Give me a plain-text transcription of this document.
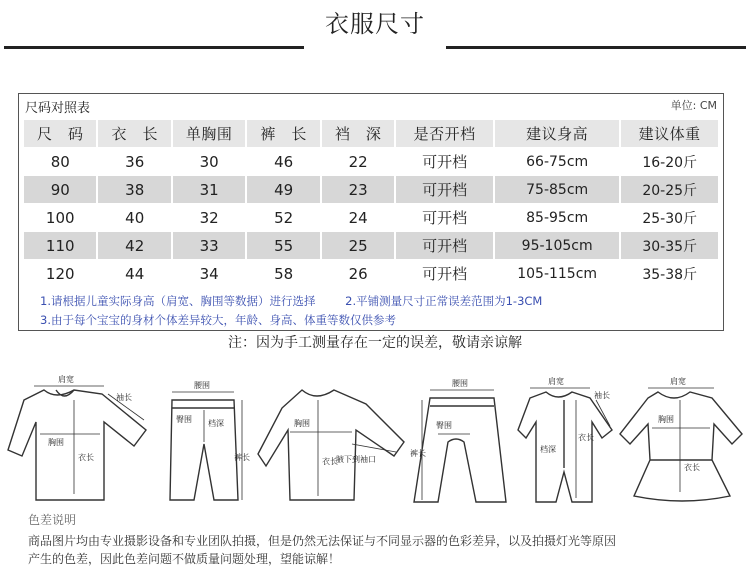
衣服尺寸
尺码对照表	单位: CM
尺　码	衣　长	单胸围	裤　长	裆　深	是否开档	建议身高	建议体重
80	36	30	46	22	可开档	66-75cm	16-20斤
90	38	31	49	23	可开档	75-85cm	20-25斤
100	40	32	52	24	可开档	85-95cm	25-30斤
110	42	33	55	25	可开档	95-105cm	30-35斤
120	44	34	58	26	可开档	105-115cm	35-38斤
1.请根据儿童实际身高（肩宽、胸围等数据）进行选择	2.平铺测量尺寸正常误差范围为1-3CM
3.由于每个宝宝的身材个体差异较大，年龄、身高、体重等数仅供参考
注：因为手工测量存在一定的误差，敬请亲谅解
肩宽
胸围
袖长
衣长
腰围
臀围 档深
裤长
胸围
衣长
腋下到袖口
腰围
臀围
裤长
肩宽
袖长
档深
衣长
肩宽
胸围
衣长
色差说明
商品图片均由专业摄影设备和专业团队拍摄，但是仍然无法保证与不同显示器的色彩差异，以及拍摄灯光等原因
产生的色差，因此色差问题不做质量问题处理，望能谅解！
